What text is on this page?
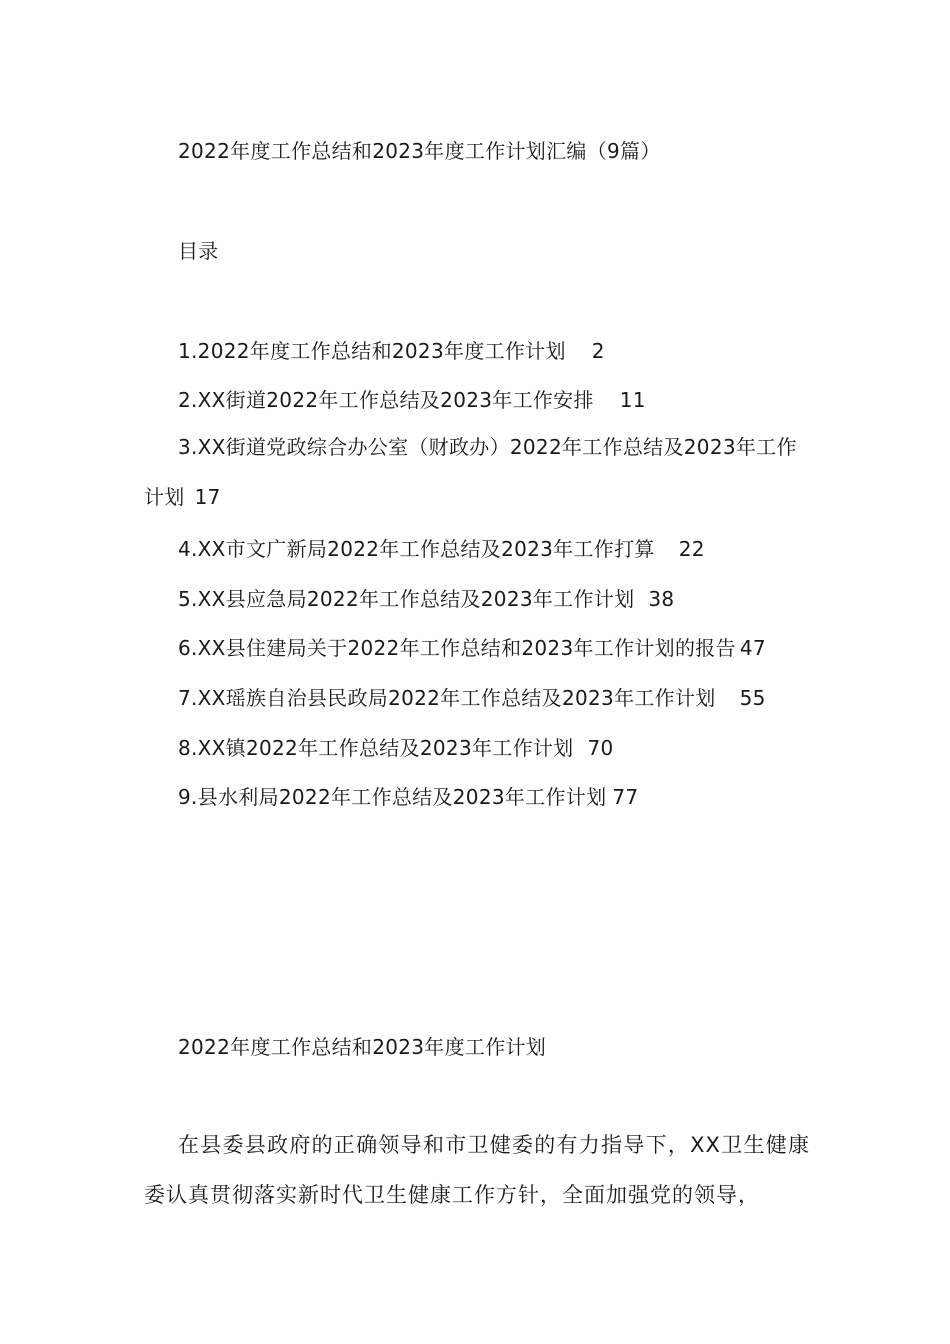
2022年度工作总结和2023年度工作计划汇编（9篇）
目录
1.2022年度工作总结和2023年度工作计划 2
2.XX街道2022年工作总结及2023年工作安排 11
3.XX街道党政综合办公室（财政办）2022年工作总结及2023年工作计划 17
4.XX市文广新局2022年工作总结及2023年工作打算 22
5.XX县应急局2022年工作总结及2023年工作计划 38
6.XX县住建局关于2022年工作总结和2023年工作计划的报告 47
7.XX瑶族自治县民政局2022年工作总结及2023年工作计划 55
8.XX镇2022年工作总结及2023年工作计划 70
9.县水利局2022年工作总结及2023年工作计划 77
2022年度工作总结和2023年度工作计划
在县委县政府的正确领导和市卫健委的有力指导下，XX卫生健康委认真贯彻落实新时代卫生健康工作方针，全面加强党的领导，
